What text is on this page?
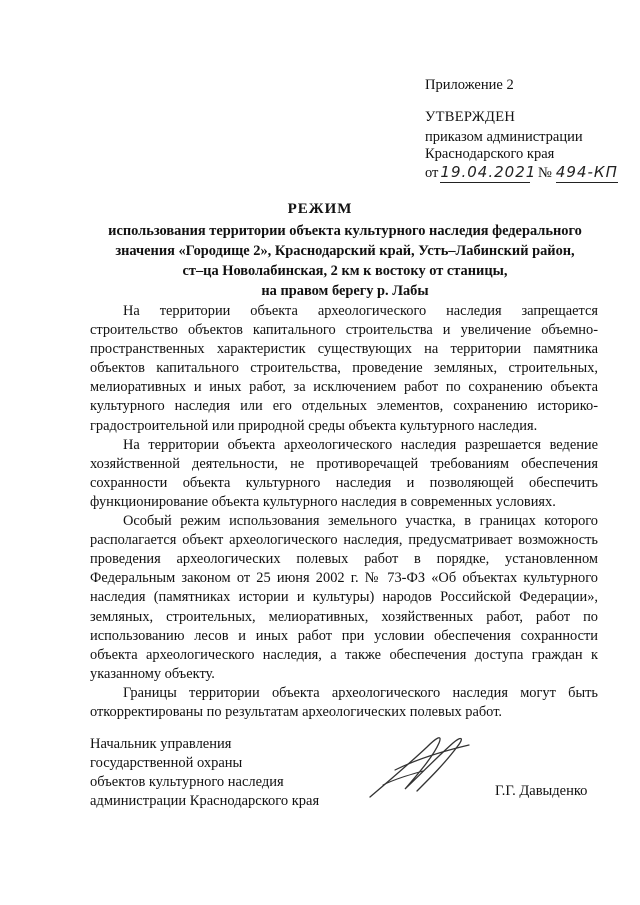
Приложение 2
УТВЕРЖДЕН
приказом администрации
Краснодарского края
от 19.04.2021 № 494-КП
РЕЖИМ
использования территории объекта культурного наследия федерального
значения «Городище 2», Краснодарский край, Усть–Лабинский район,
ст–ца Новолабинская, 2 км к востоку от станицы,
на правом берегу р. Лабы

На территории объекта археологического наследия запрещается строительство объектов капитального строительства и увеличение объемно-пространственных характеристик существующих на территории памятника объектов капитального строительства, проведение земляных, строительных, мелиоративных и иных работ, за исключением работ по сохранению объекта культурного наследия или его отдельных элементов, сохранению историко-градостроительной или природной среды объекта культурного наследия.

На территории объекта археологического наследия разрешается ведение хозяйственной деятельности, не противоречащей требованиям обеспечения сохранности объекта культурного наследия и позволяющей обеспечить функционирование объекта культурного наследия в современных условиях.

Особый режим использования земельного участка, в границах которого располагается объект археологического наследия, предусматривает возможность проведения археологических полевых работ в порядке, установленном Федеральным законом от 25 июня 2002 г. № 73-ФЗ «Об объектах культурного наследия (памятниках истории и культуры) народов Российской Федерации», земляных, строительных, мелиоративных, хозяйственных работ, работ по использованию лесов и иных работ при условии обеспечения сохранности объекта археологического наследия, а также обеспечения доступа граждан к указанному объекту.

Границы территории объекта археологического наследия могут быть откорректированы по результатам археологических полевых работ.

Начальник управления
государственной охраны
объектов культурного наследия
администрации Краснодарского края
Г.Г. Давыденко
